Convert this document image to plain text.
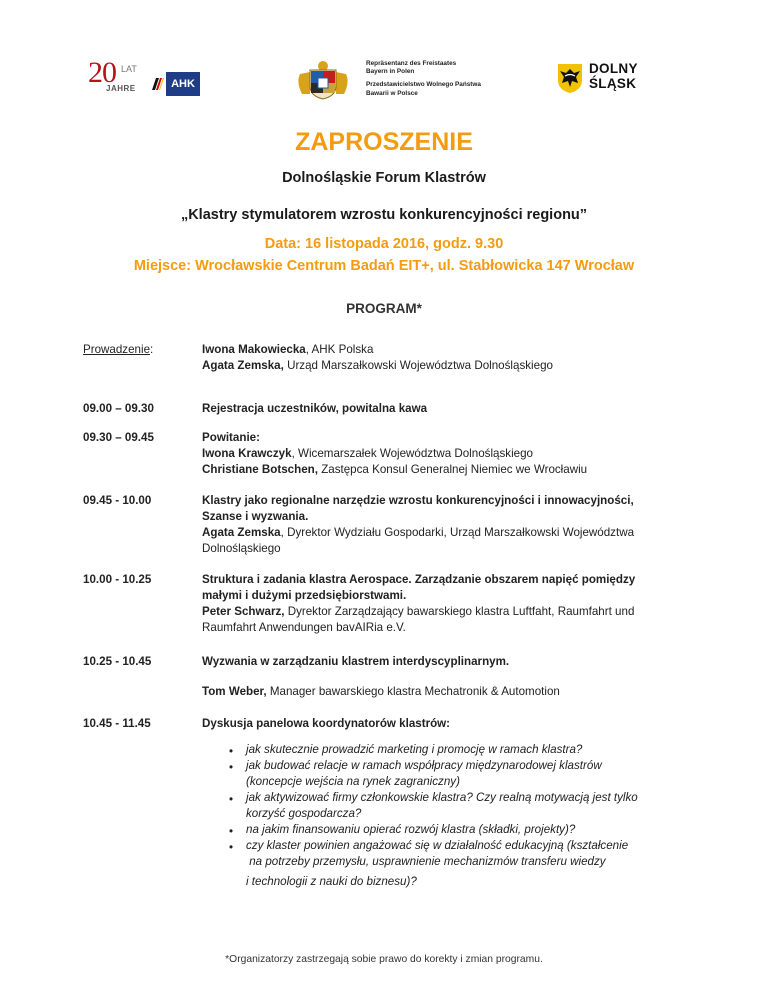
20 LAT
JAHRE	AHK
Repräsentanz des Freistaates
Bayern in Polen
Przedstawicielstwo Wolnego Państwa
Bawarii w Polsce
DOLNY
ŚLĄSK
ZAPROSZENIE
Dolnośląskie Forum Klastrów
„Klastry stymulatorem wzrostu konkurencyjności regionu”
Data: 16 listopada 2016, godz. 9.30
Miejsce: Wrocławskie Centrum Badań EIT+, ul. Stabłowicka 147 Wrocław
PROGRAM*
Prowadzenie:	Iwona Makowiecka, AHK Polska
Agata Zemska, Urząd Marszałkowski Województwa Dolnośląskiego
09.00 – 09.30	Rejestracja uczestników, powitalna kawa
09.30 – 09.45	Powitanie:
Iwona Krawczyk, Wicemarszałek Województwa Dolnośląskiego
Christiane Botschen, Zastępca Konsul Generalnej Niemiec we Wrocławiu
09.45 - 10.00	Klastry jako regionalne narzędzie wzrostu konkurencyjności i innowacyjności,
Szanse i wyzwania.
Agata Zemska, Dyrektor Wydziału Gospodarki, Urząd Marszałkowski Województwa
Dolnośląskiego
10.00 - 10.25	Struktura i zadania klastra Aerospace. Zarządzanie obszarem napięć pomiędzy
małymi i dużymi przedsiębiorstwami.
Peter Schwarz, Dyrektor Zarządzający bawarskiego klastra Luftfaht, Raumfahrt und
Raumfahrt Anwendungen bavAIRia e.V.
10.25 - 10.45	Wyzwania w zarządzaniu klastrem interdyscyplinarnym.
Tom Weber, Manager bawarskiego klastra Mechatronik & Automotion
10.45 - 11.45	Dyskusja panelowa koordynatorów klastrów:
•
•
•
•
•
jak skutecznie prowadzić marketing i promocję w ramach klastra?
jak budować relacje w ramach współpracy międzynarodowej klastrów
(koncepcje wejścia na rynek zagraniczny)
jak aktywizować firmy członkowskie klastra? Czy realną motywacją jest tylko
korzyść gospodarcza?
na jakim finansowaniu opierać rozwój klastra (składki, projekty)?
czy klaster powinien angażować się w działalność edukacyjną (kształcenie
na potrzeby przemysłu, usprawnienie mechanizmów transferu wiedzy
i technologii z nauki do biznesu)?
*Organizatorzy zastrzegają sobie prawo do korekty i zmian programu.
